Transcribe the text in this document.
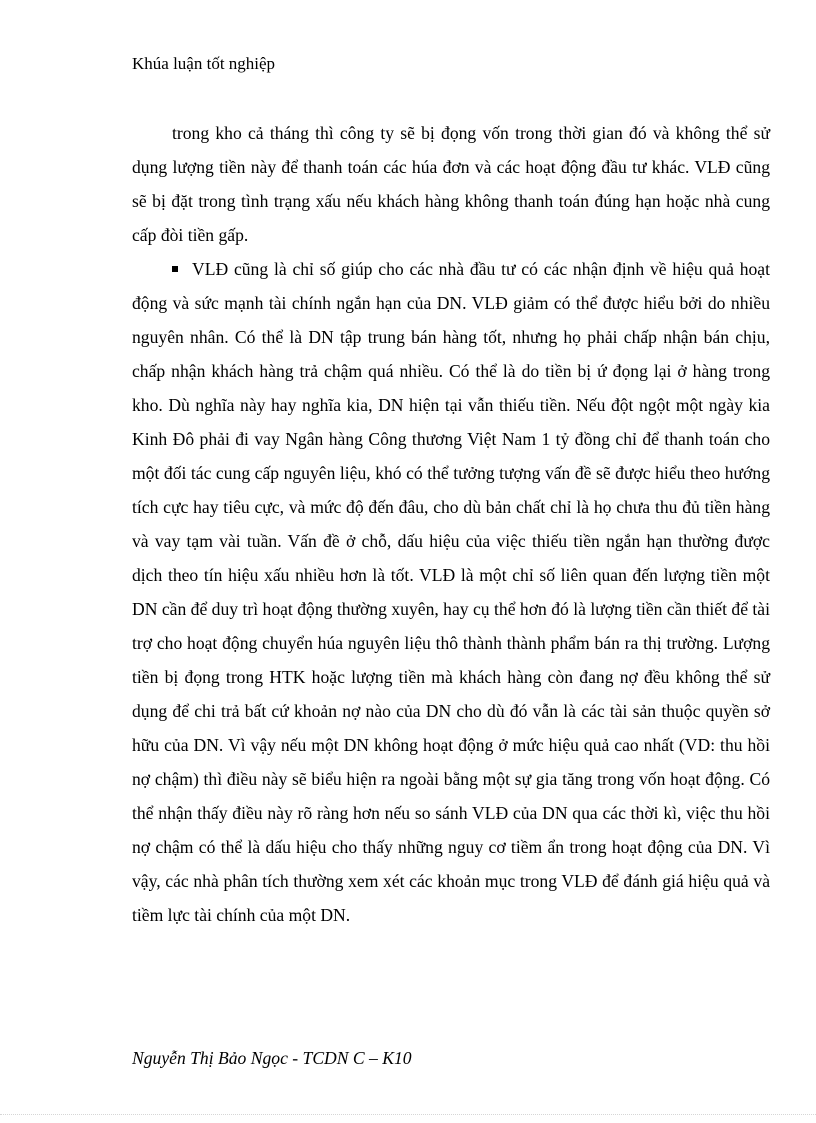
Khúa luận tốt nghiệp

trong kho cả tháng thì công ty sẽ bị đọng vốn trong thời gian đó và không thể sử dụng lượng tiền này để thanh toán các húa đơn và các hoạt động đầu tư khác. VLĐ cũng sẽ bị đặt trong tình trạng xấu nếu khách hàng không thanh toán đúng hạn hoặc nhà cung cấp đòi tiền gấp.

VLĐ cũng là chỉ số giúp cho các nhà đầu tư có các nhận định về hiệu quả hoạt động và sức mạnh tài chính ngắn hạn của DN. VLĐ giảm có thể được hiểu bởi do nhiều nguyên nhân. Có thể là DN tập trung bán hàng tốt, nhưng họ phải chấp nhận bán chịu, chấp nhận khách hàng trả chậm quá nhiều. Có thể là do tiền bị ứ đọng lại ở hàng trong kho. Dù nghĩa này hay nghĩa kia, DN hiện tại vẫn thiếu tiền. Nếu đột ngột một ngày kia Kinh Đô phải đi vay Ngân hàng Công thương Việt Nam 1 tỷ đồng chỉ để thanh toán cho một đối tác cung cấp nguyên liệu, khó có thể tưởng tượng vấn đề sẽ được hiểu theo hướng tích cực hay tiêu cực, và mức độ đến đâu, cho dù bản chất chỉ là họ chưa thu đủ tiền hàng và vay tạm vài tuần. Vấn đề ở chỗ, dấu hiệu của việc thiếu tiền ngắn hạn thường được dịch theo tín hiệu xấu nhiều hơn là tốt. VLĐ là một chỉ số liên quan đến lượng tiền một DN cần để duy trì hoạt động thường xuyên, hay cụ thể hơn đó là lượng tiền cần thiết để tài trợ cho hoạt động chuyển húa nguyên liệu thô thành thành phẩm bán ra thị trường. Lượng tiền bị đọng trong HTK hoặc lượng tiền mà khách hàng còn đang nợ đều không thể sử dụng để chi trả bất cứ khoản nợ nào của DN cho dù đó vẫn là các tài sản thuộc quyền sở hữu của DN. Vì vậy nếu một DN không hoạt động ở mức hiệu quả cao nhất (VD: thu hồi nợ chậm) thì điều này sẽ biểu hiện ra ngoài bằng một sự gia tăng trong vốn hoạt động. Có thể nhận thấy điều này rõ ràng hơn nếu so sánh VLĐ của DN qua các thời kì, việc thu hồi nợ chậm có thể là dấu hiệu cho thấy những nguy cơ tiềm ẩn trong hoạt động của DN. Vì vậy, các nhà phân tích thường xem xét các khoản mục trong VLĐ để đánh giá hiệu quả và tiềm lực tài chính của một DN.

Nguyễn Thị Bảo Ngọc - TCDN C – K10
